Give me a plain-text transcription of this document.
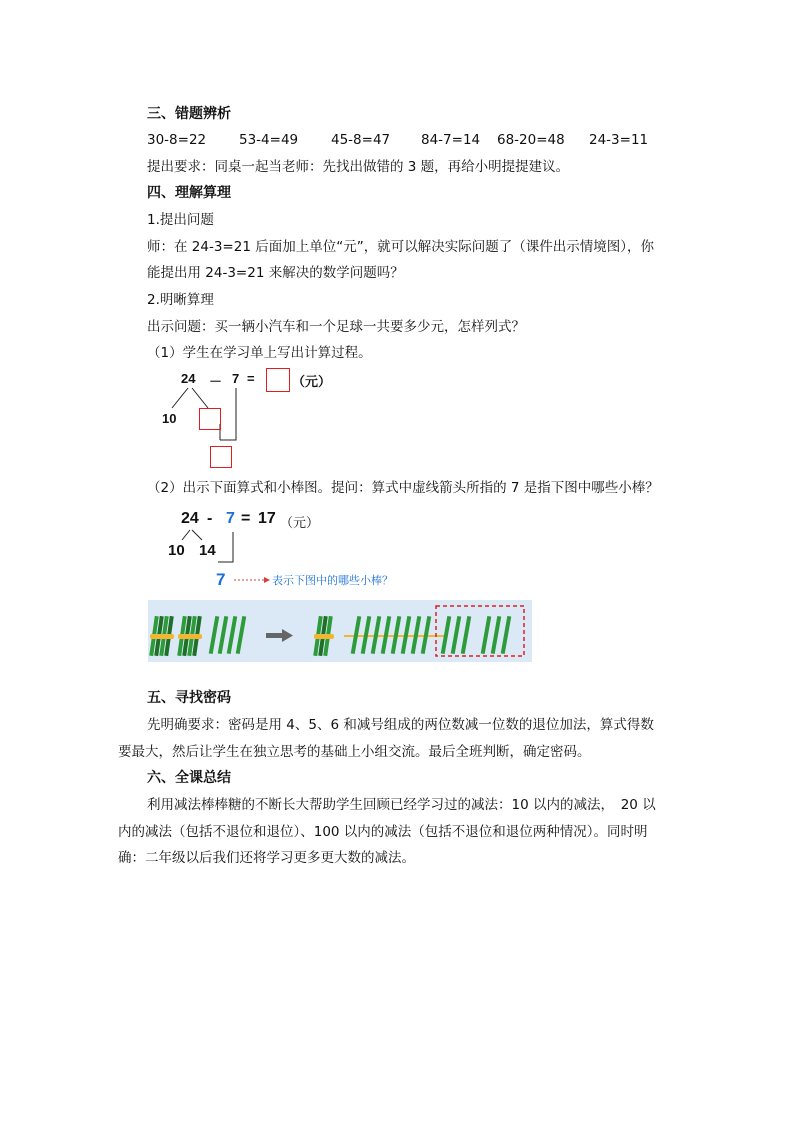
三、错题辨析
30-8=22 53-4=49 45-8=47 84-7=14 68-20=48 24-3=11
提出要求：同桌一起当老师：先找出做错的 3 题，再给小明提提建议。
四、理解算理
1.提出问题
师：在 24-3=21 后面加上单位“元”，就可以解决实际问题了（课件出示情境图），你
能提出用 24-3=21 来解决的数学问题吗？
2.明晰算理
出示问题：买一辆小汽车和一个足球一共要多少元，怎样列式？
（1）学生在学习单上写出计算过程。
24 － 7 =	（元）
10
（2）出示下面算式和小棒图。提问：算式中虚线箭头所指的 7 是指下图中哪些小棒？
24 - 7 = 17 （元）
10 14
7	表示下图中的哪些小棒？
五、寻找密码
先明确要求：密码是用 4、5、6 和减号组成的两位数减一位数的退位加法，算式得数
要最大，然后让学生在独立思考的基础上小组交流。最后全班判断，确定密码。
六、全课总结
利用减法棒棒糖的不断长大帮助学生回顾已经学习过的减法：10 以内的减法，　20 以
内的减法（包括不退位和退位）、100 以内的减法（包括不退位和退位两种情况）。同时明
确：二年级以后我们还将学习更多更大数的减法。
